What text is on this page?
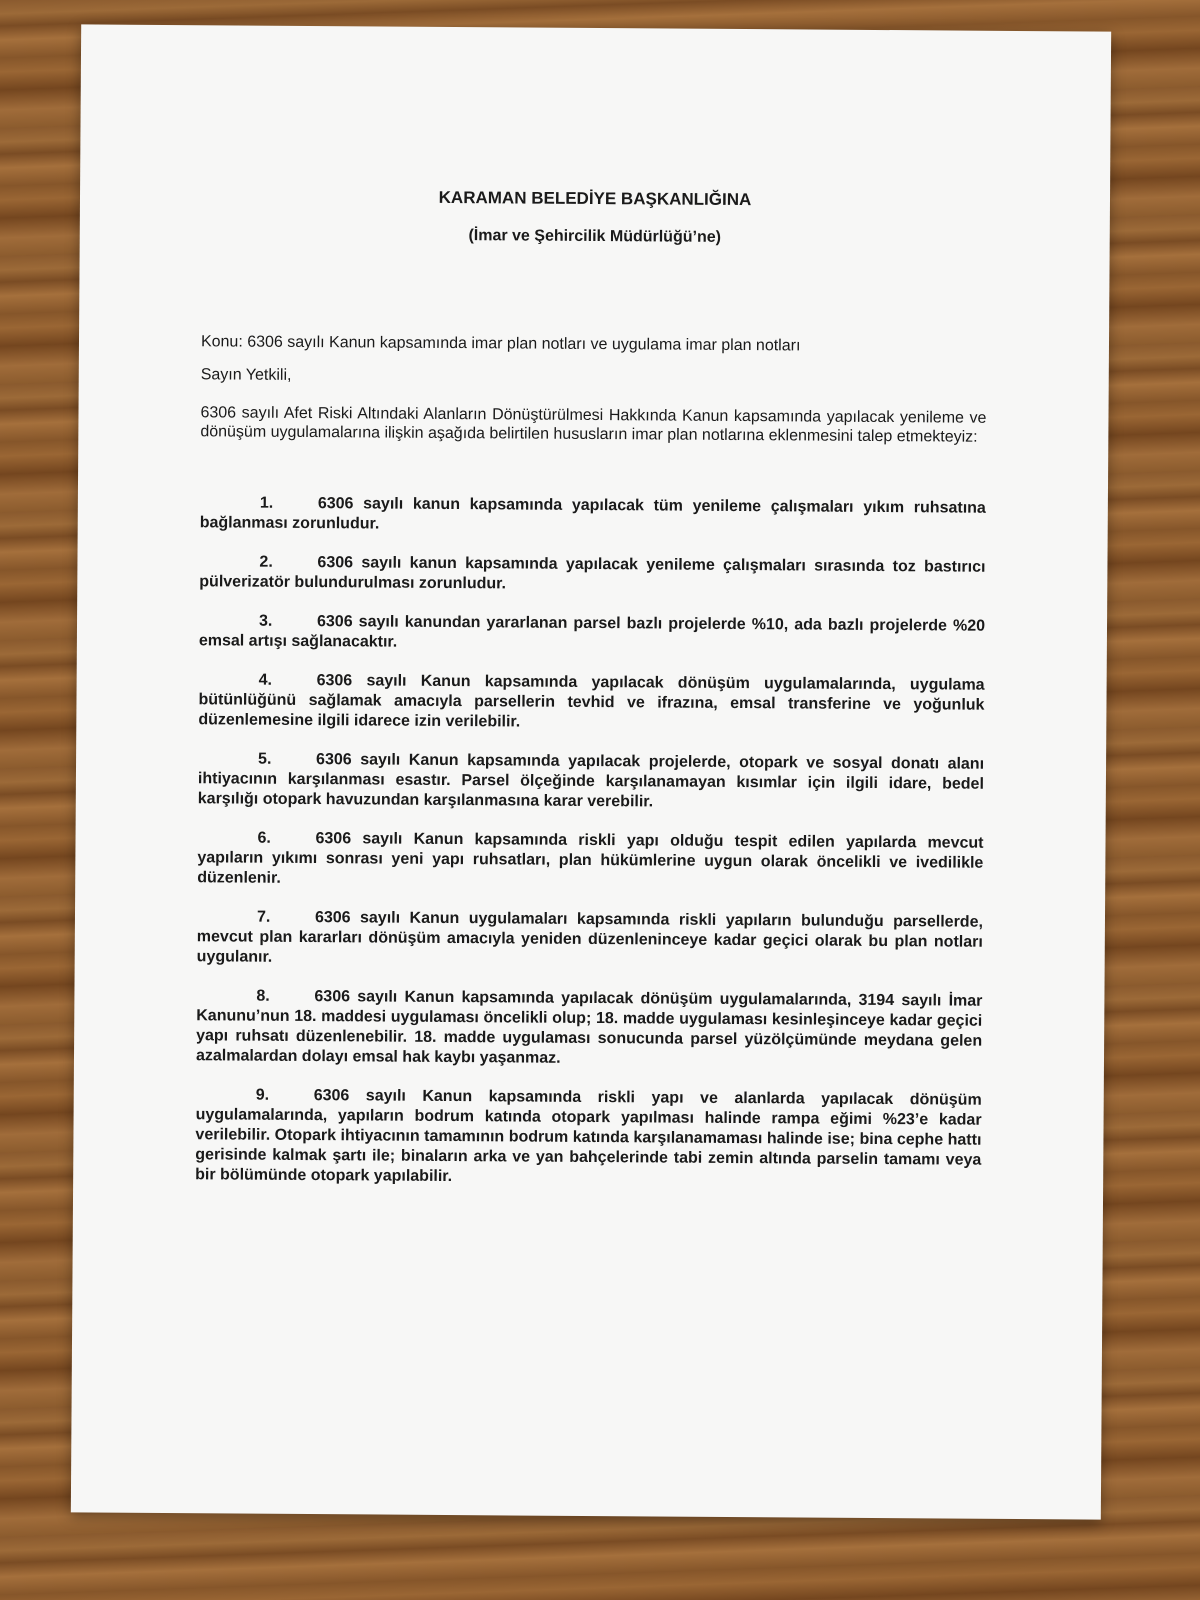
KARAMAN BELEDİYE BAŞKANLIĞINA

(İmar ve Şehircilik Müdürlüğü’ne)

Konu: 6306 sayılı Kanun kapsamında imar plan notları ve uygulama imar plan notları

Sayın Yetkili,

6306 sayılı Afet Riski Altındaki Alanların Dönüştürülmesi Hakkında Kanun kapsamında yapılacak yenileme ve dönüşüm uygulamalarına ilişkin aşağıda belirtilen hususların imar plan notlarına eklenmesini talep etmekteyiz:

1.	6306 sayılı kanun kapsamında yapılacak tüm yenileme çalışmaları yıkım ruhsatına bağlanması zorunludur.
2.	6306 sayılı kanun kapsamında yapılacak yenileme çalışmaları sırasında toz bastırıcı pülverizatör bulundurulması zorunludur.
3.	6306 sayılı kanundan yararlanan parsel bazlı projelerde %10, ada bazlı projelerde %20 emsal artışı sağlanacaktır.
4.	6306 sayılı Kanun kapsamında yapılacak dönüşüm uygulamalarında, uygulama bütünlüğünü sağlamak amacıyla parsellerin tevhid ve ifrazına, emsal transferine ve yoğunluk düzenlemesine ilgili idarece izin verilebilir.
5.	6306 sayılı Kanun kapsamında yapılacak projelerde, otopark ve sosyal donatı alanı ihtiyacının karşılanması esastır. Parsel ölçeğinde karşılanamayan kısımlar için ilgili idare, bedel karşılığı otopark havuzundan karşılanmasına karar verebilir.
6.	6306 sayılı Kanun kapsamında riskli yapı olduğu tespit edilen yapılarda mevcut yapıların yıkımı sonrası yeni yapı ruhsatları, plan hükümlerine uygun olarak öncelikli ve ivedilikle düzenlenir.
7.	6306 sayılı Kanun uygulamaları kapsamında riskli yapıların bulunduğu parsellerde, mevcut plan kararları dönüşüm amacıyla yeniden düzenleninceye kadar geçici olarak bu plan notları uygulanır.
8.	6306 sayılı Kanun kapsamında yapılacak dönüşüm uygulamalarında, 3194 sayılı İmar Kanunu’nun 18. maddesi uygulaması öncelikli olup; 18. madde uygulaması kesinleşinceye kadar geçici yapı ruhsatı düzenlenebilir. 18. madde uygulaması sonucunda parsel yüzölçümünde meydana gelen azalmalardan dolayı emsal hak kaybı yaşanmaz.
9.	6306 sayılı Kanun kapsamında riskli yapı ve alanlarda yapılacak dönüşüm uygulamalarında, yapıların bodrum katında otopark yapılması halinde rampa eğimi %23’e kadar verilebilir. Otopark ihtiyacının tamamının bodrum katında karşılanamaması halinde ise; bina cephe hattı gerisinde kalmak şartı ile; binaların arka ve yan bahçelerinde tabi zemin altında parselin tamamı veya bir bölümünde otopark yapılabilir.
